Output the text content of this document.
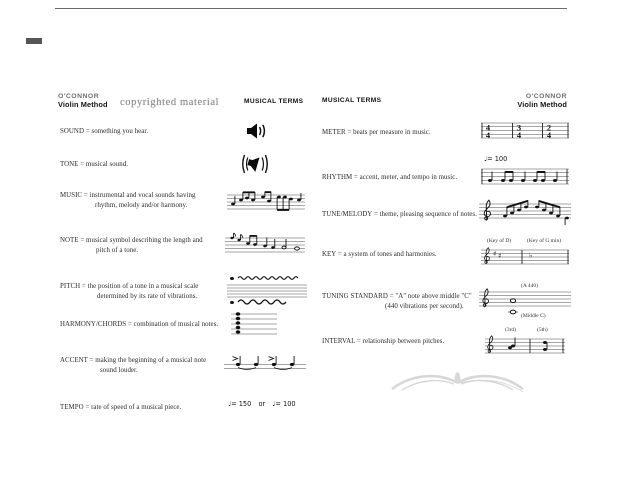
O'CONNOR
Violin Method copyrighted material	MUSICAL TERMS
SOUND = something you hear.
TONE = musical sound.
MUSIC = instrumental and vocal sounds having
rhythm, melody and/or harmony.
NOTE = musical symbol describing the length and
pitch of a tone.
PITCH = the position of a tone in a musical scale
determined by its rate of vibrations.
HARMONY/CHORDS = combination of musical notes.
ACCENT = making the beginning of a musical note
sound louder.
TEMPO = rate of speed of a musical piece.	♩= 150 or ♩= 100
MUSICAL TERMS
O'CONNOR
Violin Method
METER = beats per measure in music.
4
4
3
4
2
4
RHYTHM = accent, meter, and tempo in music.
♩= 100
TUNE/MELODY = theme, pleasing sequence of notes.
KEY = a system of tones and harmonies.
(Key of D)	(Key of G min)
♯ ♯	♭
TUNING STANDARD = "A" note above middle "C"
(440 vibrations per second).
(A 440)
(Middle C)
INTERVAL = relationship between pitches.
(3rd)	(5th)
